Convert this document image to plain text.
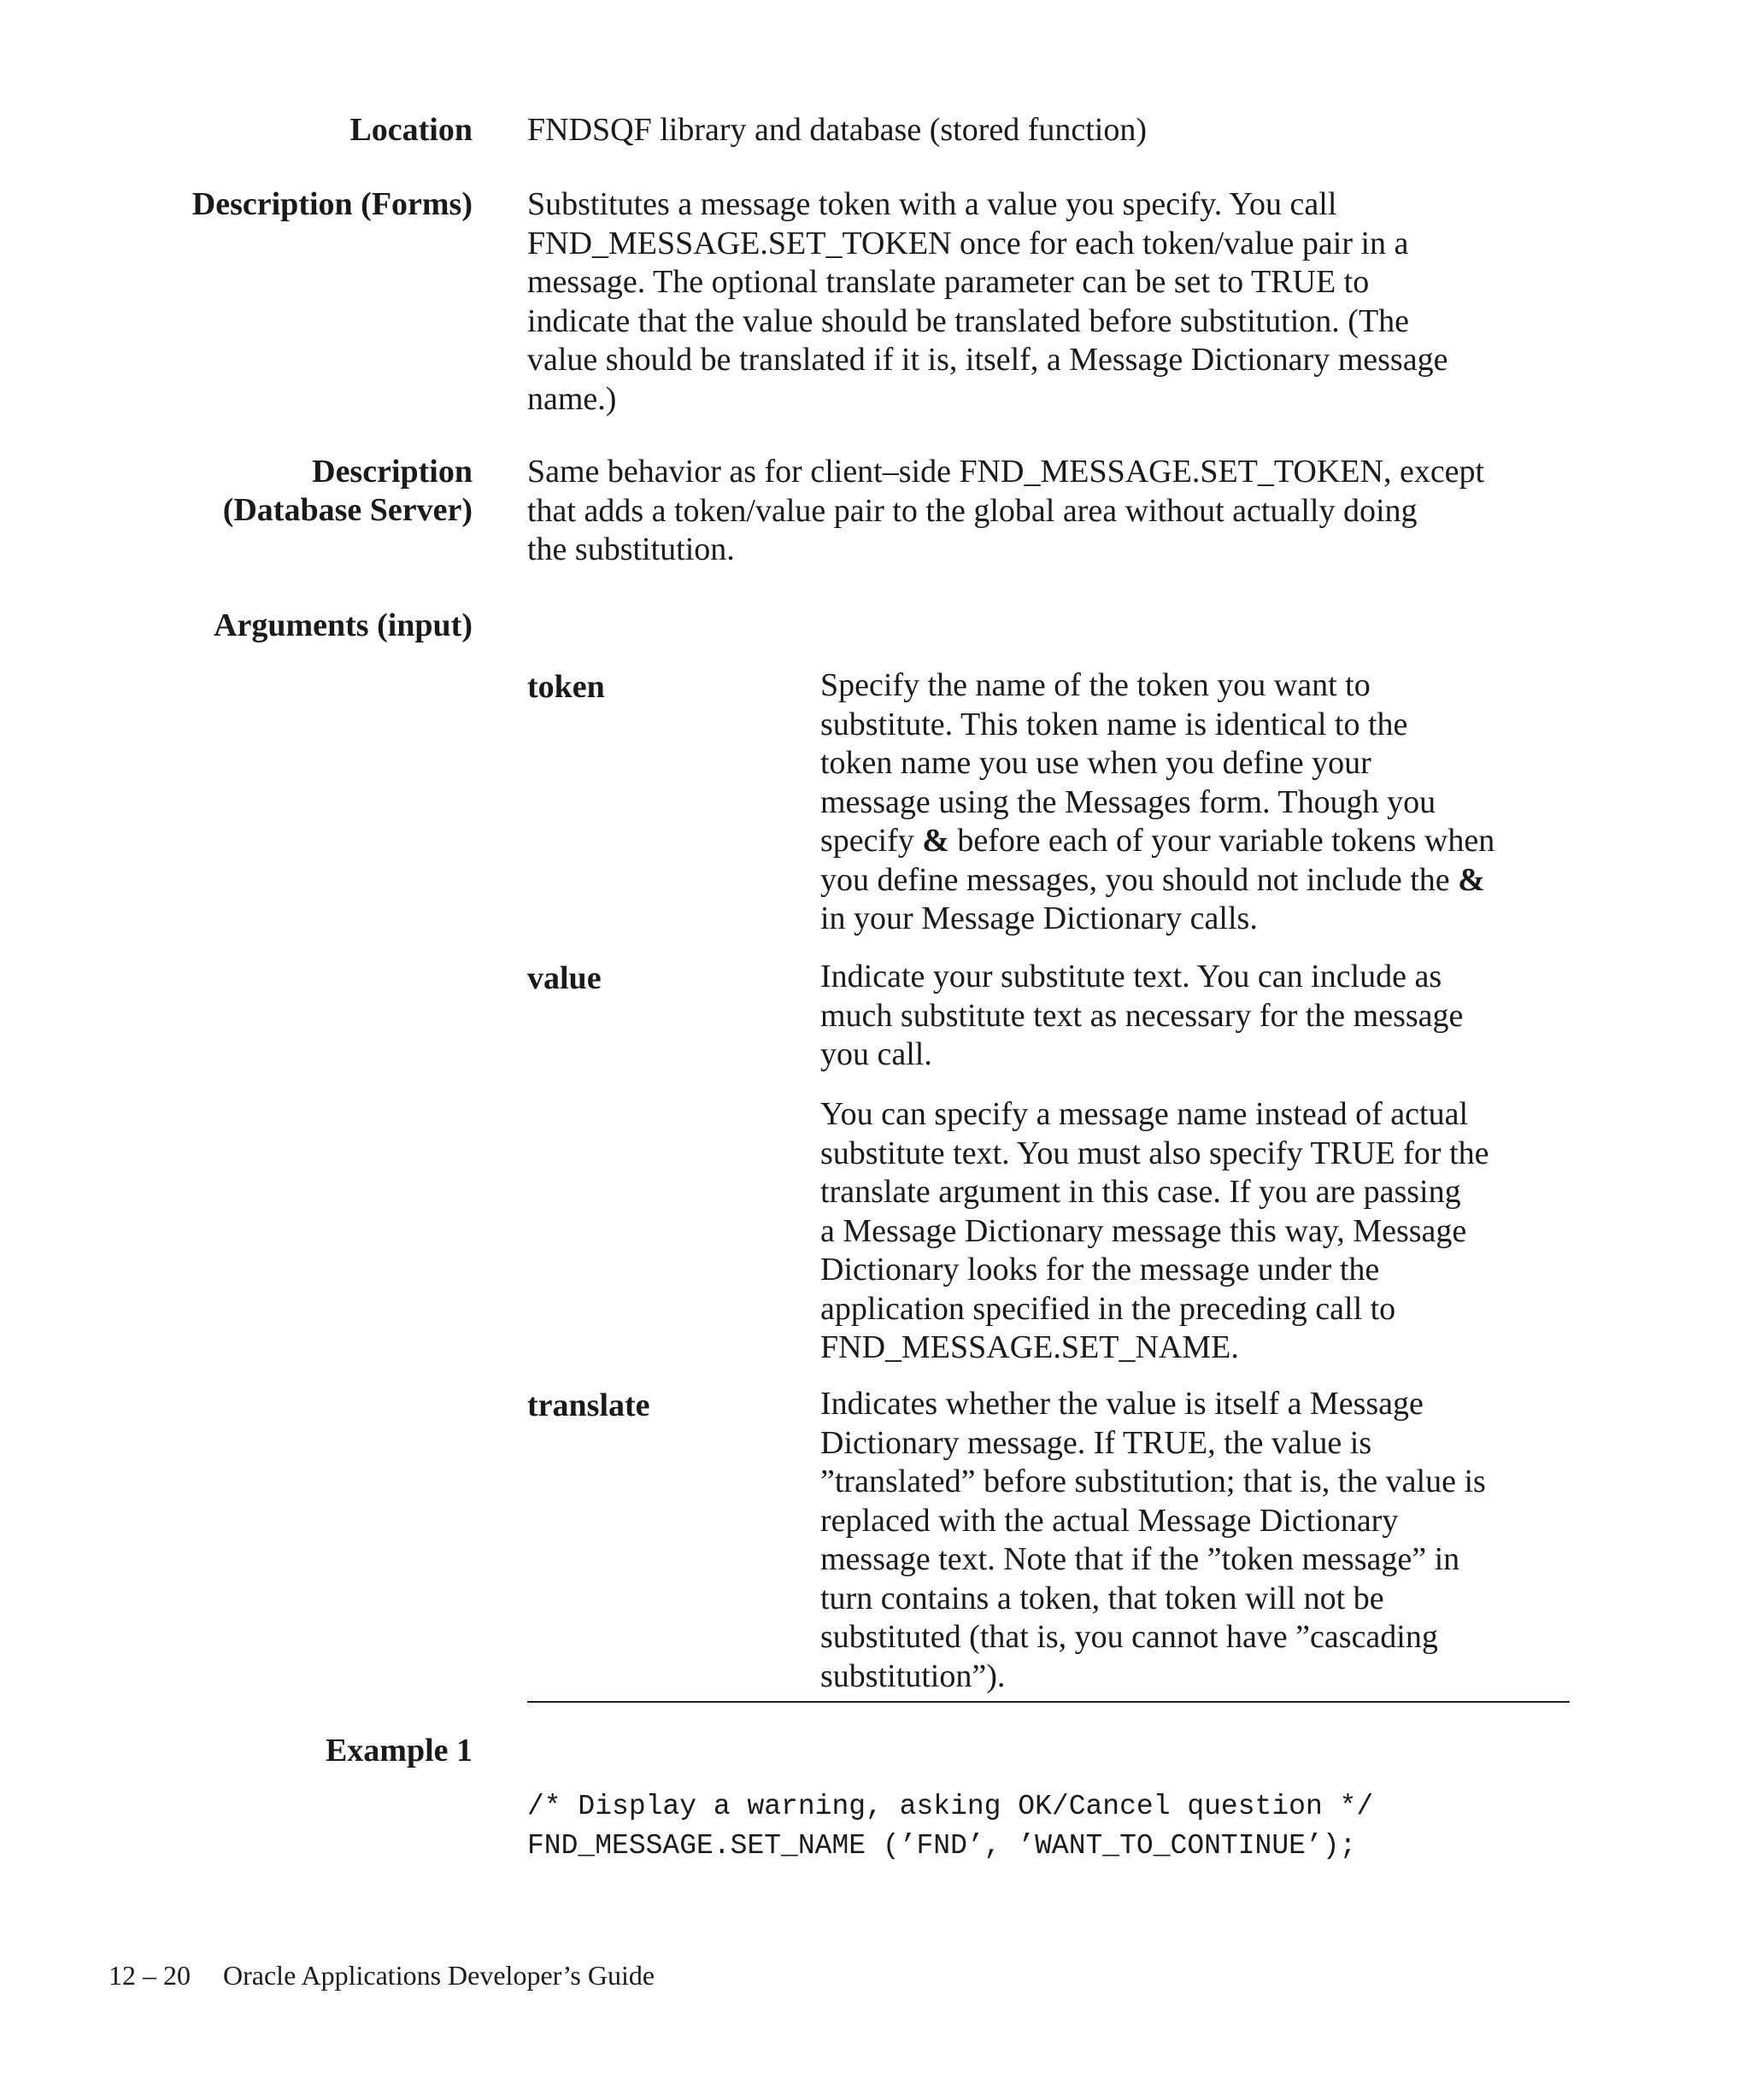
Location FNDSQF library and database (stored function)
Description (Forms) Substitutes a message token with a value you specify. You call
FND_MESSAGE.SET_TOKEN once for each token/value pair in a
message. The optional translate parameter can be set to TRUE to
indicate that the value should be translated before substitution. (The
value should be translated if it is, itself, a Message Dictionary message
name.)
Description
(Database Server)
Same behavior as for client–side FND_MESSAGE.SET_TOKEN, except
that adds a token/value pair to the global area without actually doing
the substitution.
Arguments (input)
token	Specify the name of the token you want to
substitute. This token name is identical to the
token name you use when you define your
message using the Messages form. Though you
specify & before each of your variable tokens when
you define messages, you should not include the &
in your Message Dictionary calls.
value	Indicate your substitute text. You can include as
much substitute text as necessary for the message
you call.
You can specify a message name instead of actual
substitute text. You must also specify TRUE for the
translate argument in this case. If you are passing
a Message Dictionary message this way, Message
Dictionary looks for the message under the
application specified in the preceding call to
FND_MESSAGE.SET_NAME.
translate	Indicates whether the value is itself a Message
Dictionary message. If TRUE, the value is
”translated” before substitution; that is, the value is
replaced with the actual Message Dictionary
message text. Note that if the ”token message” in
turn contains a token, that token will not be
substituted (that is, you cannot have ”cascading
substitution”).
Example 1
/* Display a warning, asking OK/Cancel question */
FND_MESSAGE.SET_NAME (’FND’, ’WANT_TO_CONTINUE’);
12 – 20 Oracle Applications Developer’s Guide
